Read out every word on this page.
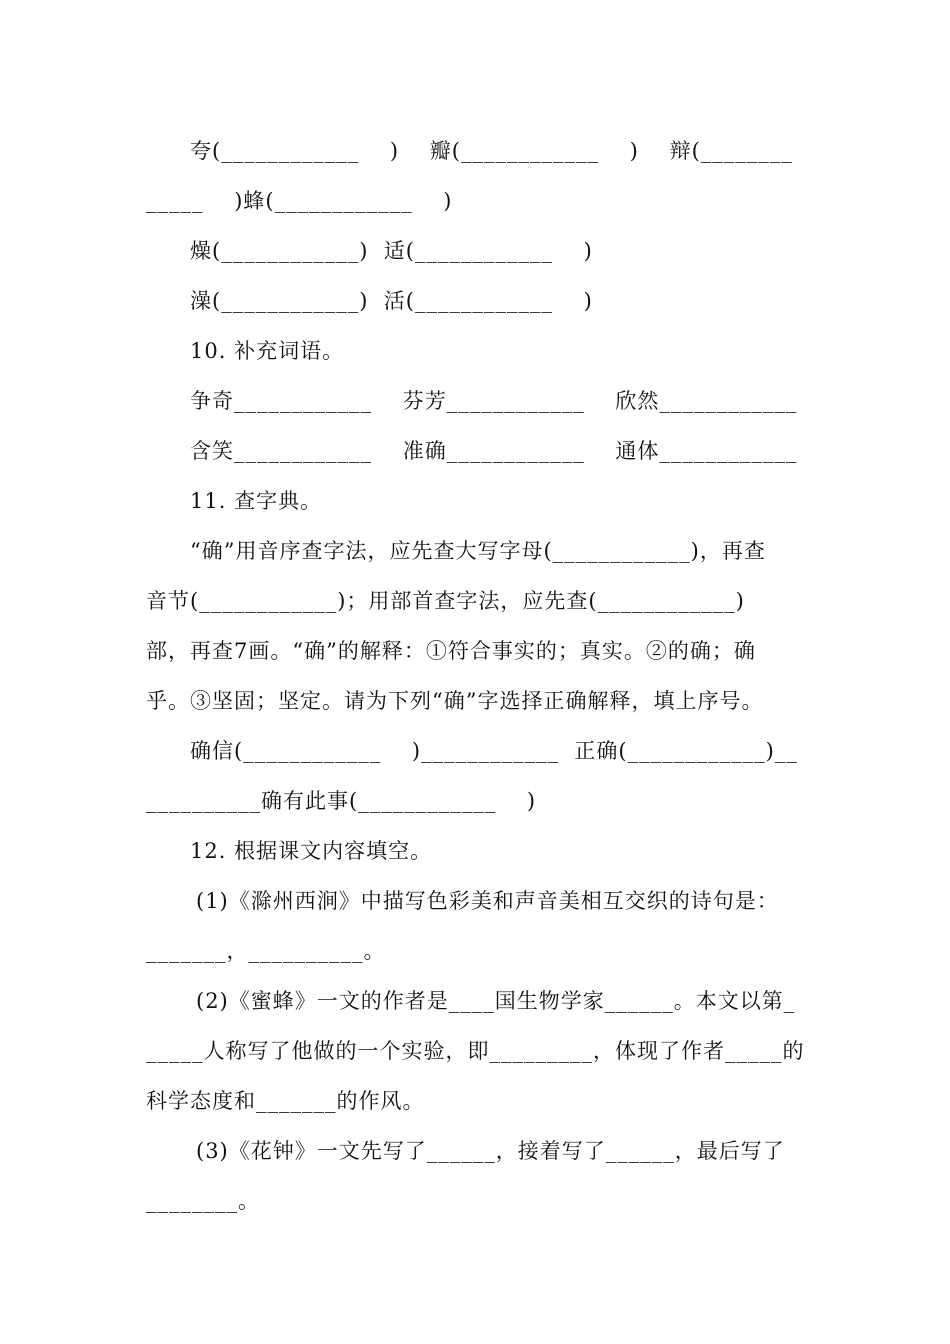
夸(____________    )    瓣(____________    )    辩(________
_____    )蜂(____________    )
燥(____________)  适(____________    )
澡(____________)  活(____________    )
10. 补充词语。
争奇____________    芬芳____________    欣然____________
含笑____________    准确____________    通体____________
11. 查字典。
“确”用音序查字法，应先查大写字母(____________)，再查
音节(____________)；用部首查字法，应先查(____________)
部，再查7画。“确”的解释：①符合事实的；真实。②的确；确
乎。③坚固；坚定。请为下列“确”字选择正确解释，填上序号。
确信(____________    )____________  正确(____________)__
__________确有此事(____________    )
12. 根据课文内容填空。
(1)《滁州西涧》中描写色彩美和声音美相互交织的诗句是：
_______，__________。
(2)《蜜蜂》一文的作者是____国生物学家______。本文以第_
_____人称写了他做的一个实验，即_________，体现了作者_____的
科学态度和_______的作风。
(3)《花钟》一文先写了______，接着写了______，最后写了
________。
